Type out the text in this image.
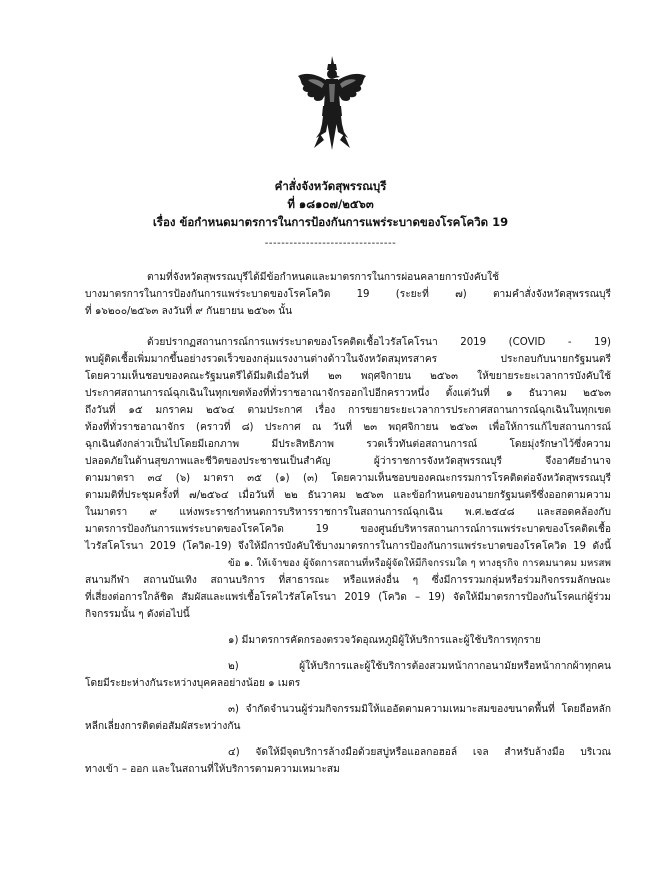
คำสั่งจังหวัดสุพรรณบุรี
ที่ ๑๘๑๐๗/๒๕๖๓
เรื่อง ข้อกำหนดมาตรการในการป้องกันการแพร่ระบาดของโรคโควิด 19
--------------------------------
ตามที่จังหวัดสุพรรณบุรีได้มีข้อกำหนดและมาตรการในการผ่อนคลายการบังคับใช้
บางมาตรการในการป้องกันการแพร่ระบาดของโรคโควิด 19 (ระยะที่ ๗) ตามคำสั่งจังหวัดสุพรรณบุรี
ที่ ๑๖๒๐๐/๒๕๖๓ ลงวันที่ ๙ กันยายน ๒๕๖๓ นั้น
ด้วยปรากฏสถานการณ์การแพร่ระบาดของโรคติดเชื้อไวรัสโคโรนา 2019 (COVID - 19)
พบผู้ติดเชื้อเพิ่มมากขึ้นอย่างรวดเร็วของกลุ่มแรงงานต่างด้าวในจังหวัดสมุทรสาคร ประกอบกับนายกรัฐมนตรี
โดยความเห็นชอบของคณะรัฐมนตรีได้มีมติเมื่อวันที่ ๒๓ พฤศจิกายน ๒๕๖๓ ให้ขยายระยะเวลาการบังคับใช้
ประกาศสถานการณ์ฉุกเฉินในทุกเขตท้องที่ทั่วราชอาณาจักรออกไปอีกคราวหนึ่ง ตั้งแต่วันที่ ๑ ธันวาคม ๒๕๖๓
ถึงวันที่ ๑๕ มกราคม ๒๕๖๔ ตามประกาศ เรื่อง การขยายระยะเวลาการประกาศสถานการณ์ฉุกเฉินในทุกเขต
ท้องที่ทั่วราชอาณาจักร (คราวที่ ๘) ประกาศ ณ วันที่ ๒๓ พฤศจิกายน ๒๕๖๓ เพื่อให้การแก้ไขสถานการณ์
ฉุกเฉินดังกล่าวเป็นไปโดยมีเอกภาพ มีประสิทธิภาพ รวดเร็วทันต่อสถานการณ์ โดยมุ่งรักษาไว้ซึ่งความ
ปลอดภัยในด้านสุขภาพและชีวิตของประชาชนเป็นสำคัญ ผู้ว่าราชการจังหวัดสุพรรณบุรี จึงอาศัยอำนาจ
ตามมาตรา ๓๔ (๖) มาตรา ๓๕ (๑) (๓) โดยความเห็นชอบของคณะกรรมการโรคติดต่อจังหวัดสุพรรณบุรี
ตามมติที่ประชุมครั้งที่ ๗/๒๕๖๔ เมื่อวันที่ ๒๒ ธันวาคม ๒๕๖๓ และข้อกำหนดของนายกรัฐมนตรีซึ่งออกตามความ
ในมาตรา ๙ แห่งพระราชกำหนดการบริหารราชการในสถานการณ์ฉุกเฉิน พ.ศ.๒๕๔๘ และสอดคล้องกับ
มาตรการป้องกันการแพร่ระบาดของโรคโควิด 19 ของศูนย์บริหารสถานการณ์การแพร่ระบาดของโรคติดเชื้อ
ไวรัสโคโรนา 2019 (โควิด-19) จึงให้มีการบังคับใช้บางมาตรการในการป้องกันการแพร่ระบาดของโรคโควิด 19 ดังนี้
ข้อ ๑. ให้เจ้าของ ผู้จัดการสถานที่หรือผู้จัดให้มีกิจกรรมใด ๆ ทางธุรกิจ การคมนาคม มหรสพ
สนามกีฬา สถานบันเทิง สถานบริการ ที่สาธารณะ หรือแหล่งอื่น ๆ ซึ่งมีการรวมกลุ่มหรือร่วมกิจกรรมลักษณะ
ที่เสี่ยงต่อการใกล้ชิด สัมผัสและแพร่เชื้อโรคไวรัสโคโรนา 2019 (โควิด – 19) จัดให้มีมาตรการป้องกันโรคแก่ผู้ร่วม
กิจกรรมนั้น ๆ ดังต่อไปนี้
๑) มีมาตรการคัดกรองตรวจวัดอุณหภูมิผู้ให้บริการและผู้ใช้บริการทุกราย
๒) ผู้ให้บริการและผู้ใช้บริการต้องสวมหน้ากากอนามัยหรือหน้ากากผ้าทุกคน
โดยมีระยะห่างกันระหว่างบุคคลอย่างน้อย ๑ เมตร
๓) จำกัดจำนวนผู้ร่วมกิจกรรมมิให้แออัดตามความเหมาะสมของขนาดพื้นที่ โดยถือหลัก
หลีกเลี่ยงการติดต่อสัมผัสระหว่างกัน
๔) จัดให้มีจุดบริการล้างมือด้วยสบู่หรือแอลกอฮอล์ เจล สำหรับล้างมือ บริเวณ
ทางเข้า – ออก และในสถานที่ให้บริการตามความเหมาะสม
